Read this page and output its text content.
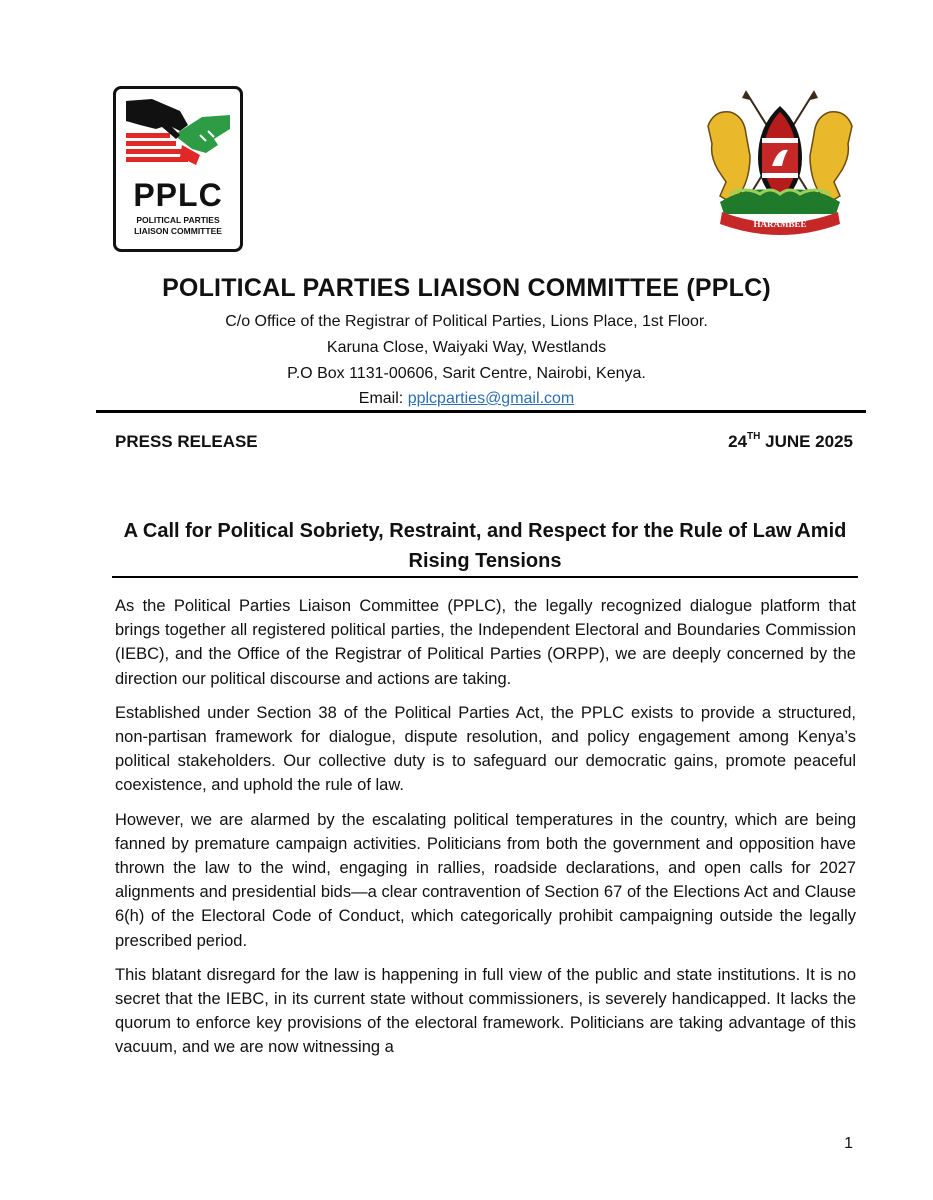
PPLC
POLITICAL PARTIES LIAISON COMMITTEE
HARAMBEE
POLITICAL PARTIES LIAISON COMMITTEE (PPLC)
C/o Office of the Registrar of Political Parties, Lions Place, 1st Floor.
Karuna Close, Waiyaki Way, Westlands
P.O Box 1131-00606, Sarit Centre, Nairobi, Kenya.
Email: pplcparties@gmail.com
PRESS RELEASE	24TH JUNE 2025
A Call for Political Sobriety, Restraint, and Respect for the Rule of Law Amid Rising Tensions

As the Political Parties Liaison Committee (PPLC), the legally recognized dialogue platform that brings together all registered political parties, the Independent Electoral and Boundaries Commission (IEBC), and the Office of the Registrar of Political Parties (ORPP), we are deeply concerned by the direction our political discourse and actions are taking.

Established under Section 38 of the Political Parties Act, the PPLC exists to provide a structured, non-partisan framework for dialogue, dispute resolution, and policy engagement among Kenya’s political stakeholders. Our collective duty is to safeguard our democratic gains, promote peaceful coexistence, and uphold the rule of law.

However, we are alarmed by the escalating political temperatures in the country, which are being fanned by premature campaign activities. Politicians from both the government and opposition have thrown the law to the wind, engaging in rallies, roadside declarations, and open calls for 2027 alignments and presidential bids—a clear contravention of Section 67 of the Elections Act and Clause 6(h) of the Electoral Code of Conduct, which categorically prohibit campaigning outside the legally prescribed period.

This blatant disregard for the law is happening in full view of the public and state institutions. It is no secret that the IEBC, in its current state without commissioners, is severely handicapped. It lacks the quorum to enforce key provisions of the electoral framework. Politicians are taking advantage of this vacuum, and we are now witnessing a

1
